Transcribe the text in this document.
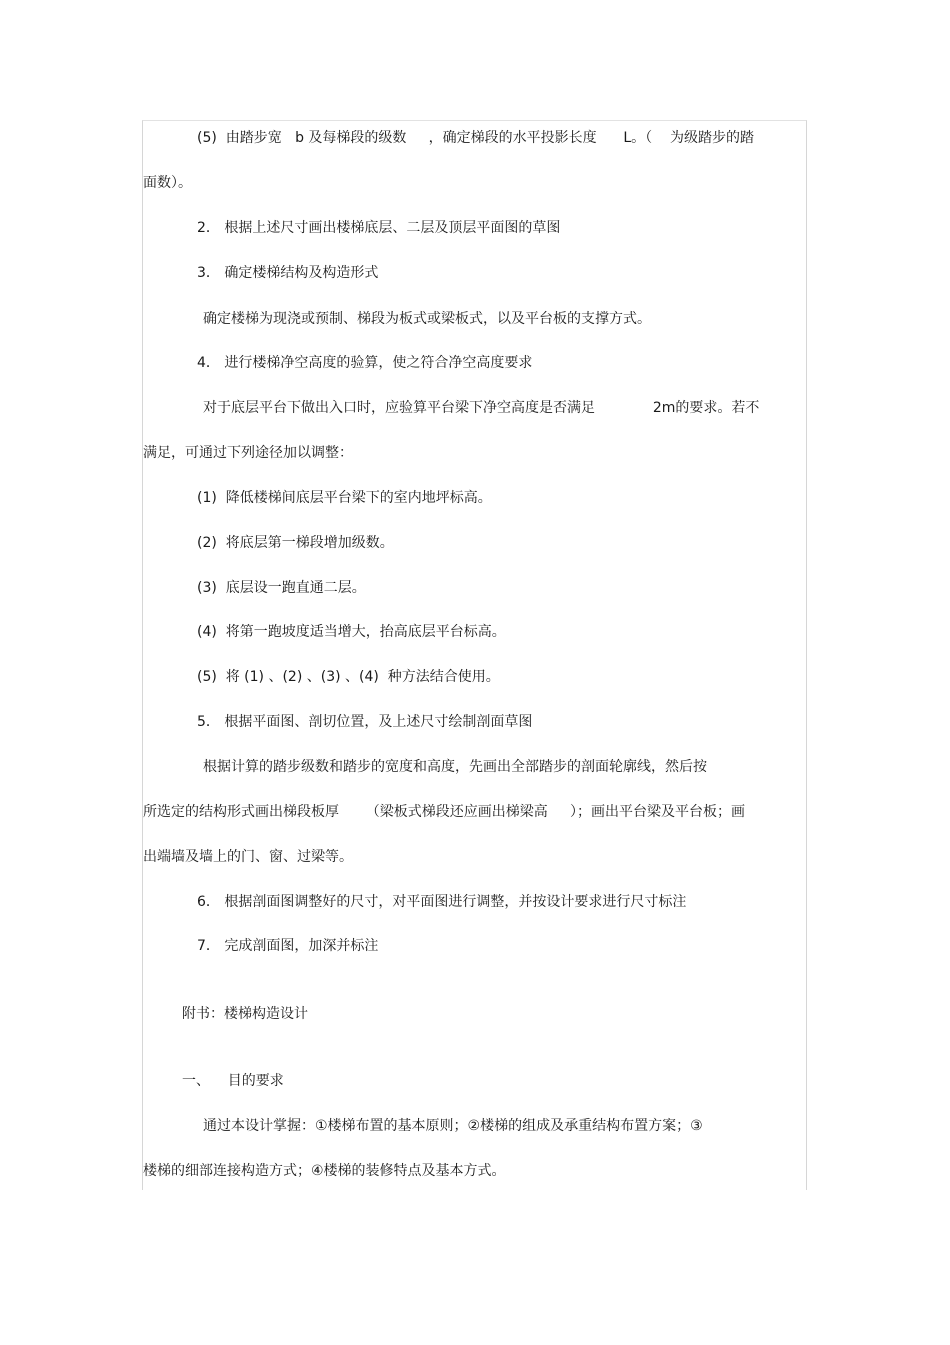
(5)  由踏步宽   b 及每梯段的级数     ，确定梯段的水平投影长度      L。（    为级踏步的踏
面数）。
2． 根据上述尺寸画出楼梯底层、二层及顶层平面图的草图
3． 确定楼梯结构及构造形式
确定楼梯为现浇或预制、梯段为板式或梁板式，以及平台板的支撑方式。
4． 进行楼梯净空高度的验算，使之符合净空高度要求
对于底层平台下做出入口时，应验算平台梁下净空高度是否满足             2m的要求。若不
满足，可通过下列途径加以调整：
(1)  降低楼梯间底层平台梁下的室内地坪标高。
(2)  将底层第一梯段增加级数。
(3)  底层设一跑直通二层。
(4)  将第一跑坡度适当增大，抬高底层平台标高。
(5)  将 (1) 、(2) 、(3) 、(4)  种方法结合使用。
5． 根据平面图、剖切位置，及上述尺寸绘制剖面草图
根据计算的踏步级数和踏步的宽度和高度，先画出全部踏步的剖面轮廓线，然后按
所选定的结构形式画出梯段板厚      （梁板式梯段还应画出梯梁高     ）；画出平台梁及平台板；画
出端墙及墙上的门、窗、过梁等。
6． 根据剖面图调整好的尺寸，对平面图进行调整，并按设计要求进行尺寸标注
7． 完成剖面图，加深并标注
附书：楼梯构造设计
一、    目的要求
通过本设计掌握：①楼梯布置的基本原则；②楼梯的组成及承重结构布置方案；③
楼梯的细部连接构造方式；④楼梯的装修特点及基本方式。
